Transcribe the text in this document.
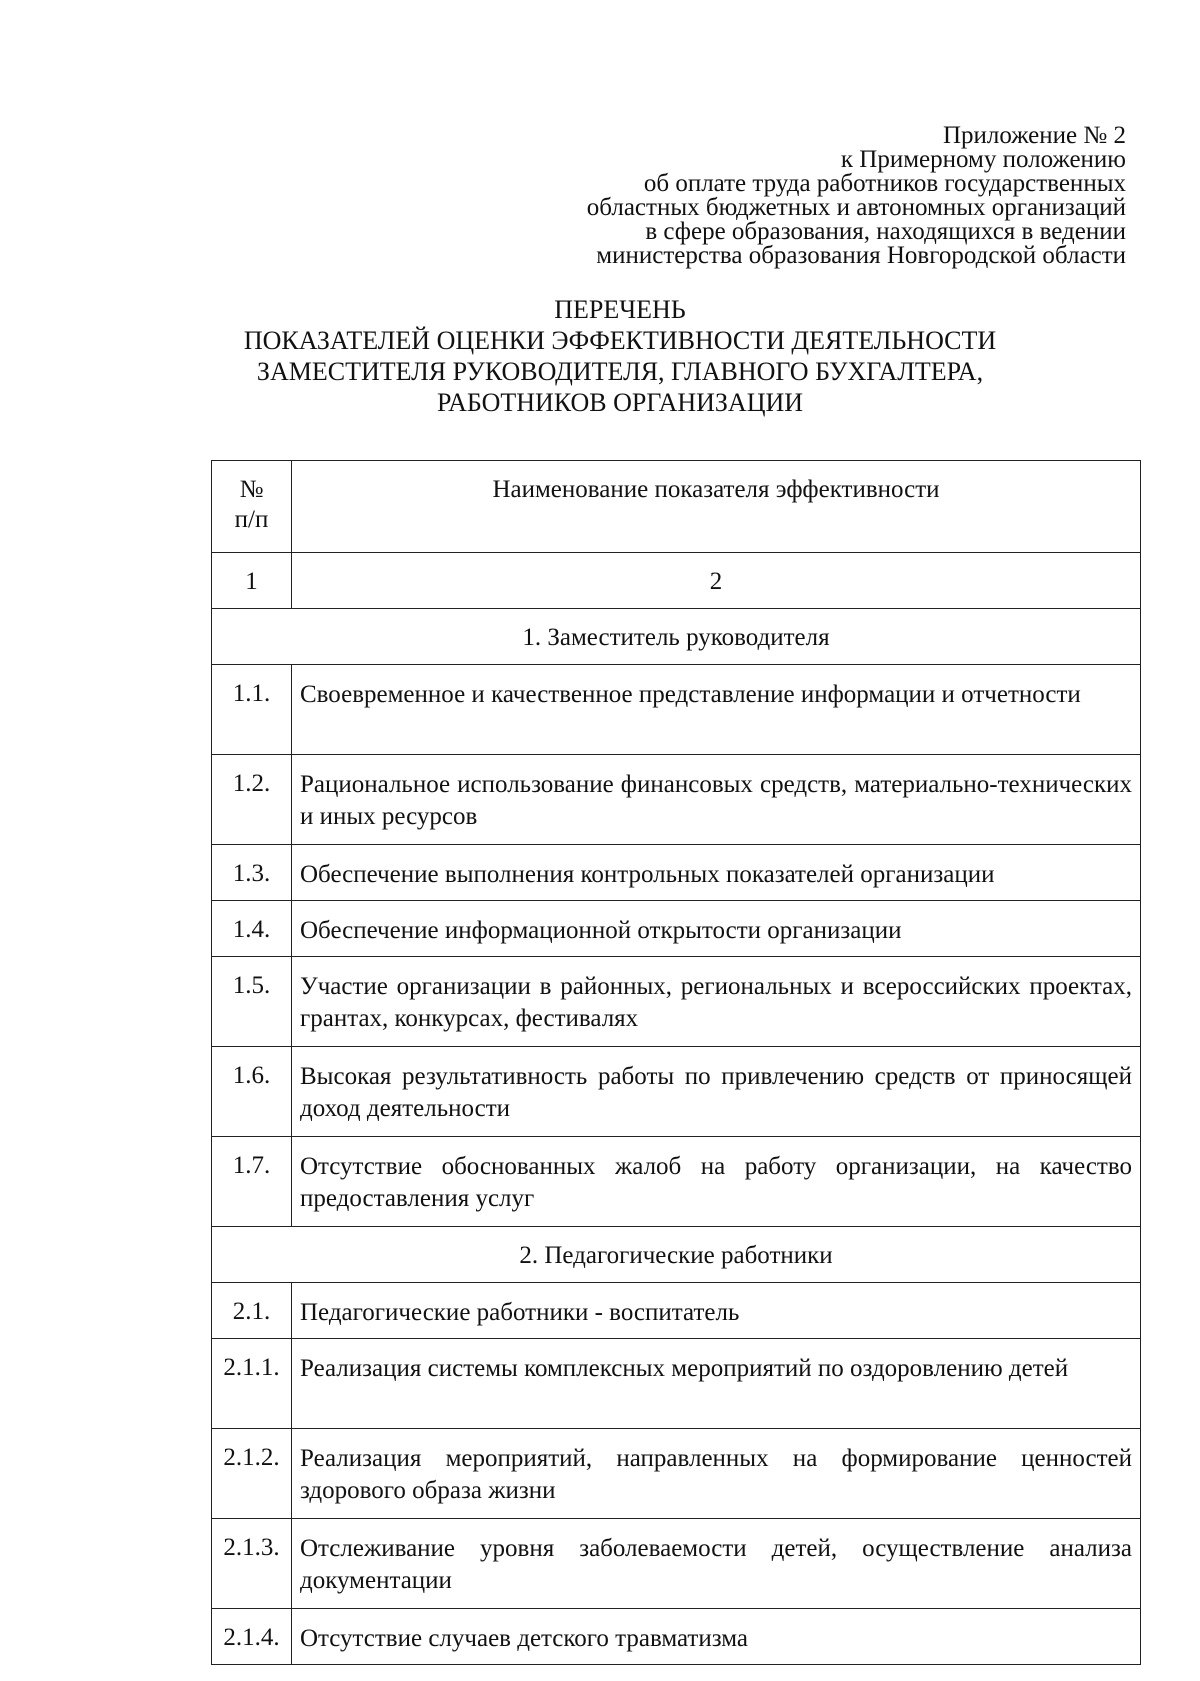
Приложение № 2
к Примерному положению
об оплате труда работников государственных
областных бюджетных и автономных организаций
в сфере образования, находящихся в ведении
министерства образования Новгородской области
ПЕРЕЧЕНЬ
ПОКАЗАТЕЛЕЙ ОЦЕНКИ ЭФФЕКТИВНОСТИ ДЕЯТЕЛЬНОСТИ
ЗАМЕСТИТЕЛЯ РУКОВОДИТЕЛЯ, ГЛАВНОГО БУХГАЛТЕРА,
РАБОТНИКОВ ОРГАНИЗАЦИИ
№
п/п	Наименование показателя эффективности
1	2
1. Заместитель руководителя	
1.1.	Своевременное и качественное представление информации и отчетности
1.2.	Рациональное использование финансовых средств, материально-технических и иных ресурсов
1.3.	Обеспечение выполнения контрольных показателей организации
1.4.	Обеспечение информационной открытости организации
1.5.	Участие организации в районных, региональных и всероссийских проектах, грантах, конкурсах, фестивалях
1.6.	Высокая результативность работы по привлечению средств от приносящей доход деятельности
1.7.	Отсутствие обоснованных жалоб на работу организации, на качество предоставления услуг
2. Педагогические работники	
2.1.	Педагогические работники - воспитатель
2.1.1.	Реализация системы комплексных мероприятий по оздоровлению детей
2.1.2.	Реализация мероприятий, направленных на формирование ценностей здорового образа жизни
2.1.3.	Отслеживание уровня заболеваемости детей, осуществление анализа документации
2.1.4.	Отсутствие случаев детского травматизма
